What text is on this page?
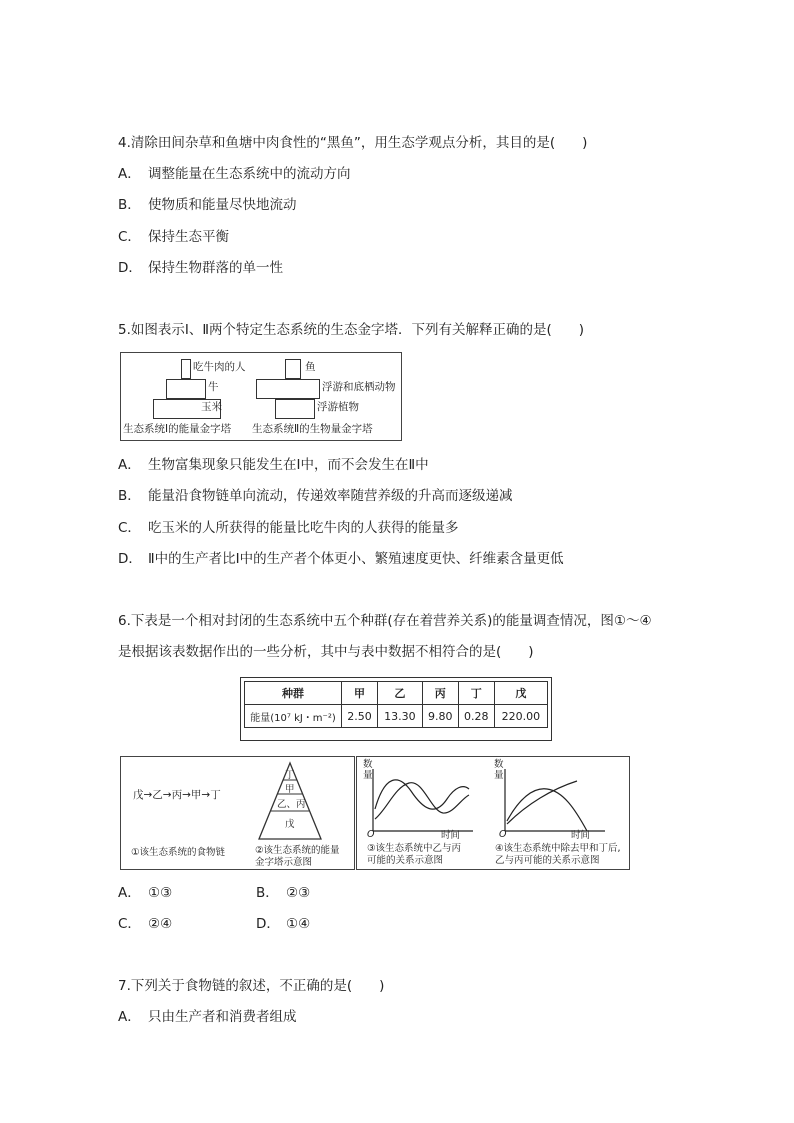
4.清除田间杂草和鱼塘中肉食性的“黑鱼”，用生态学观点分析，其目的是(　　)
A． 调整能量在生态系统中的流动方向
B． 使物质和能量尽快地流动
C． 保持生态平衡
D． 保持生物群落的单一性
5.如图表示Ⅰ、Ⅱ两个特定生态系统的生态金字塔．下列有关解释正确的是(　　)
吃牛肉的人
牛
玉米
生态系统Ⅰ的能量金字塔
鱼
浮游和底栖动物
浮游植物
生态系统Ⅱ的生物量金字塔
A． 生物富集现象只能发生在Ⅰ中，而不会发生在Ⅱ中
B． 能量沿食物链单向流动，传递效率随营养级的升高而逐级递减
C． 吃玉米的人所获得的能量比吃牛肉的人获得的能量多
D． Ⅱ中的生产者比Ⅰ中的生产者个体更小、繁殖速度更快、纤维素含量更低
6.下表是一个相对封闭的生态系统中五个种群(存在着营养关系)的能量调查情况，图①～④
是根据该表数据作出的一些分析，其中与表中数据不相符合的是(　　)
种群	甲	乙	丙	丁	戊
能量(10⁷ kJ・m⁻²)	2.50	13.30	9.80	0.28	220.00
戊→乙→丙→甲→丁
①该生态系统的食物链
丁
甲
乙、丙
戊
②该生态系统的能量
金字塔示意图
数
量
O	时间
③该生态系统中乙与丙
可能的关系示意图
数
量
O	时间
④该生态系统中除去甲和丁后,
乙与丙可能的关系示意图
A． ①③	B． ②③
C． ②④	D． ①④
7.下列关于食物链的叙述，不正确的是(　　)
A． 只由生产者和消费者组成
